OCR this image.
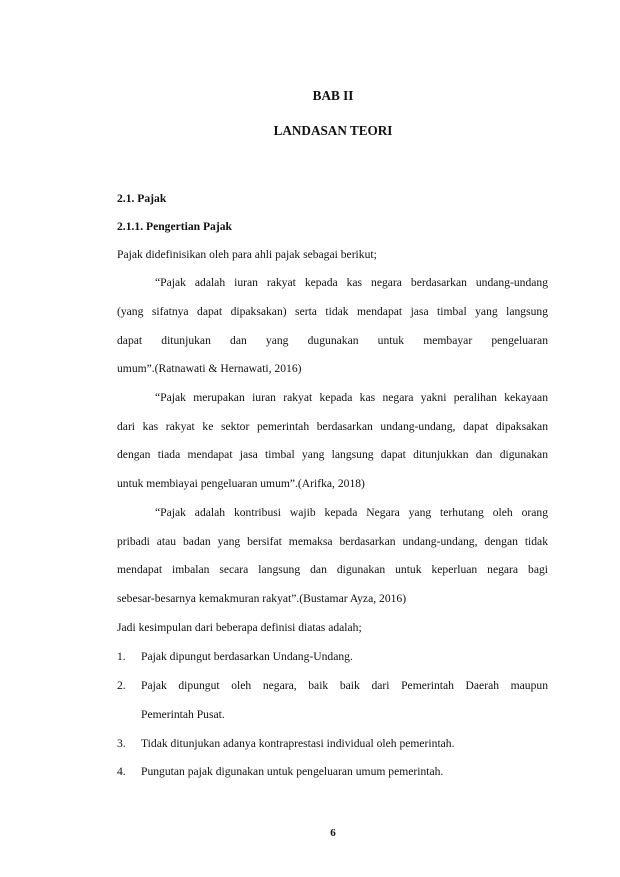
BAB II
LANDASAN TEORI
2.1. Pajak
2.1.1. Pengertian Pajak
Pajak didefinisikan oleh para ahli pajak sebagai berikut;
“Pajak adalah iuran rakyat kepada kas negara berdasarkan undang-undang
(yang sifatnya dapat dipaksakan) serta tidak mendapat jasa timbal yang langsung
dapat ditunjukan dan yang dugunakan untuk membayar pengeluaran
umum”.(Ratnawati & Hernawati, 2016)
“Pajak merupakan iuran rakyat kepada kas negara yakni peralihan kekayaan
dari kas rakyat ke sektor pemerintah berdasarkan undang-undang, dapat dipaksakan
dengan tiada mendapat jasa timbal yang langsung dapat ditunjukkan dan digunakan
untuk membiayai pengeluaran umum”.(Arifka, 2018)
“Pajak adalah kontribusi wajib kepada Negara yang terhutang oleh orang
pribadi atau badan yang bersifat memaksa berdasarkan undang-undang, dengan tidak
mendapat imbalan secara langsung dan digunakan untuk keperluan negara bagi
sebesar-besarnya kemakmuran rakyat”.(Bustamar Ayza, 2016)
Jadi kesimpulan dari beberapa definisi diatas adalah;
1. Pajak dipungut berdasarkan Undang-Undang.
2. Pajak dipungut oleh negara, baik baik dari Pemerintah Daerah maupun
Pemerintah Pusat.
3. Tidak ditunjukan adanya kontraprestasi individual oleh pemerintah.
4. Pungutan pajak digunakan untuk pengeluaran umum pemerintah.
6
